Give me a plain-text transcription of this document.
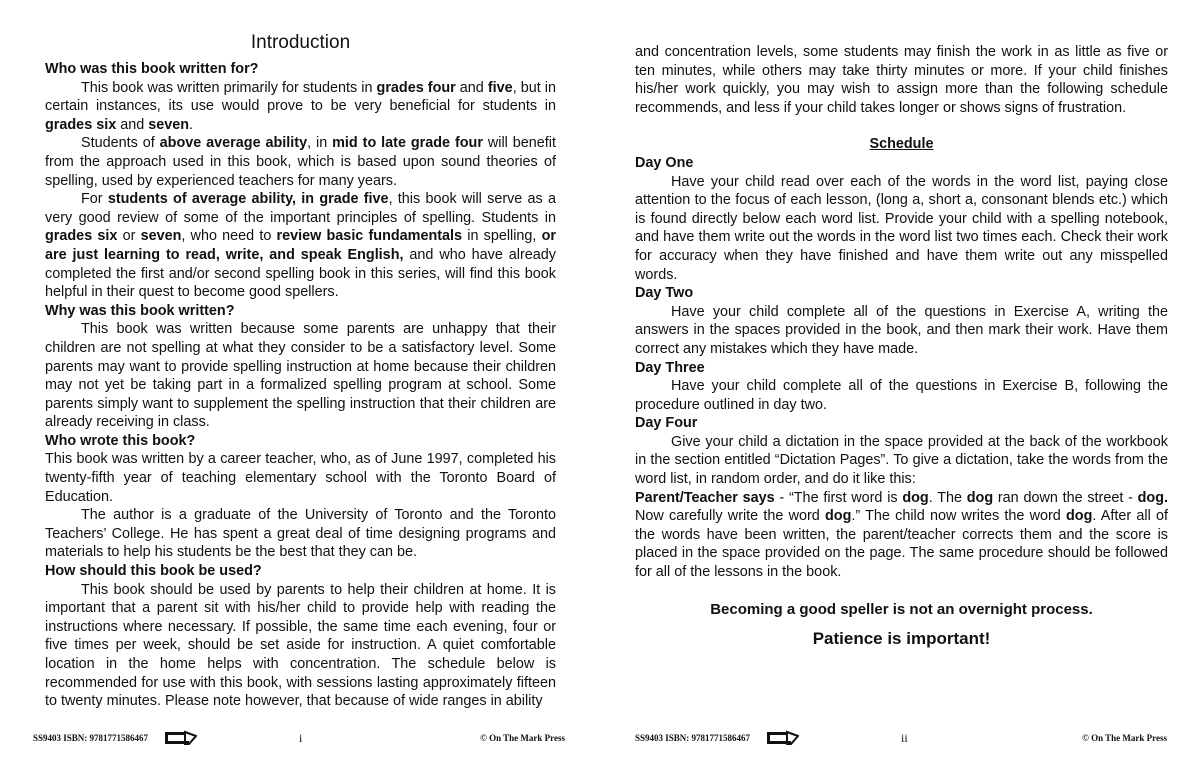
Introduction
Who was this book written for?

This book was written primarily for students in grades four and five, but in certain instances, its use would prove to be very beneficial for students in grades six and seven.

Students of above average ability, in mid to late grade four will benefit from the approach used in this book, which is based upon sound theories of spelling, used by experienced teachers for many years.

For students of average ability, in grade five, this book will serve as a very good review of some of the important principles of spelling. Students in grades six or seven, who need to review basic fundamentals in spelling, or are just learning to read, write, and speak English, and who have already completed the first and/or second spelling book in this series, will find this book helpful in their quest to become good spellers.

Why was this book written?

This book was written because some parents are unhappy that their children are not spelling at what they consider to be a satisfactory level. Some parents may want to provide spelling instruction at home because their children may not yet be taking part in a formalized spelling program at school. Some parents simply want to supplement the spelling instruction that their children are already receiving in class.

Who wrote this book?

This book was written by a career teacher, who, as of June 1997, completed his twenty-fifth year of teaching elementary school with the Toronto Board of Education.

The author is a graduate of the University of Toronto and the Toronto Teachers’ College. He has spent a great deal of time designing programs and materials to help his students be the best that they can be.

How should this book be used?

This book should be used by parents to help their children at home. It is important that a parent sit with his/her child to provide help with reading the instructions where necessary. If possible, the same time each evening, four or five times per week, should be set aside for instruction. A quiet comfortable location in the home helps with concentration. The schedule below is recommended for use with this book, with sessions lasting approximately fifteen to twenty minutes. Please note however, that because of wide ranges in ability

and concentration levels, some students may finish the work in as little as five or ten minutes, while others may take thirty minutes or more. If your child finishes his/her work quickly, you may wish to assign more than the following schedule recommends, and less if your child takes longer or shows signs of frustration.

Schedule
Day One

Have your child read over each of the words in the word list, paying close attention to the focus of each lesson, (long a, short a, consonant blends etc.) which is found directly below each word list. Provide your child with a spelling notebook, and have them write out the words in the word list two times each. Check their work for accuracy when they have finished and have them write out any misspelled words.

Day Two

Have your child complete all of the questions in Exercise A, writing the answers in the spaces provided in the book, and then mark their work. Have them correct any mistakes which they have made.

Day Three

Have your child complete all of the questions in Exercise B, following the procedure outlined in day two.

Day Four

Give your child a dictation in the space provided at the back of the workbook in the section entitled “Dictation Pages”. To give a dictation, take the words from the word list, in random order, and do it like this:

Parent/Teacher says - “The first word is dog. The dog ran down the street - dog. Now carefully write the word dog.” The child now writes the word dog. After all of the words have been written, the parent/teacher corrects them and the score is placed in the space provided on the page. The same procedure should be followed for all of the lessons in the book.

Becoming a good speller is not an overnight process.
Patience is important!
SS9403 ISBN: 9781771586467	i	© On The Mark Press	SS9403 ISBN: 9781771586467	ii	© On The Mark Press
